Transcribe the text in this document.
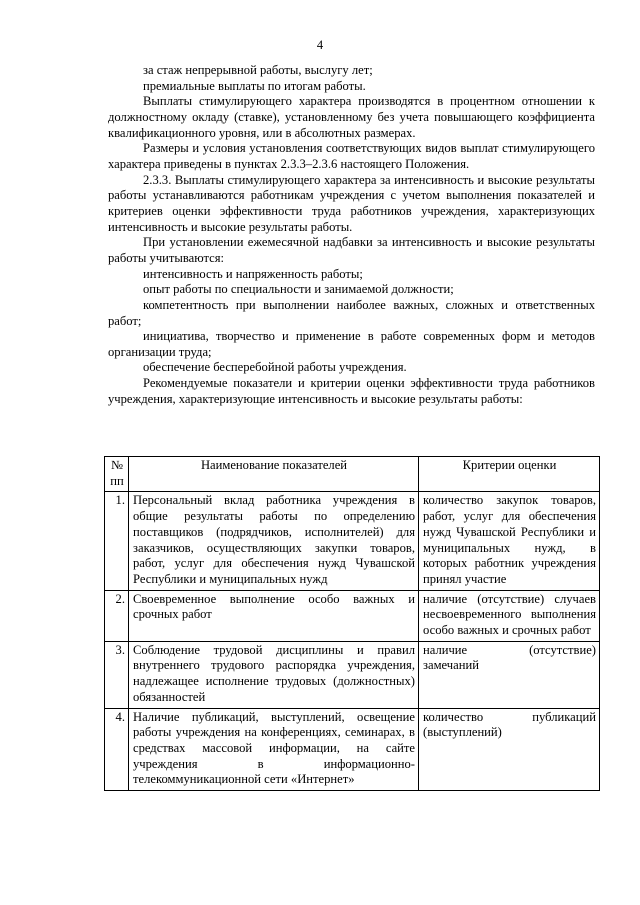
4

за стаж непрерывной работы, выслугу лет;

премиальные выплаты по итогам работы.

Выплаты стимулирующего характера производятся в процентном отношении к должностному окладу (ставке), установленному без учета повышающего коэффициента квалификационного уровня, или в абсолютных размерах.

Размеры и условия установления соответствующих видов выплат стимулирующего характера приведены в пунктах 2.3.3–2.3.6 настоящего Положения.

2.3.3. Выплаты стимулирующего характера за интенсивность и высокие результаты работы устанавливаются работникам учреждения с учетом выполнения показателей и критериев оценки эффективности труда работников учреждения, характеризующих интенсивность и высокие результаты работы.

При установлении ежемесячной надбавки за интенсивность и высокие результаты работы учитываются:

интенсивность и напряженность работы;

опыт работы по специальности и занимаемой должности;

компетентность при выполнении наиболее важных, сложных и ответственных работ;

инициатива, творчество и применение в работе современных форм и методов организации труда;

обеспечение бесперебойной работы учреждения.

Рекомендуемые показатели и критерии оценки эффективности труда работников учреждения, характеризующие интенсивность и высокие результаты работы:

№ пп	Наименование показателей	Критерии оценки
1.	Персональный вклад работника учреждения в общие результаты работы по определению поставщиков (подрядчиков, исполнителей) для заказчиков, осуществляющих закупки товаров, работ, услуг для обеспечения нужд Чувашской Республики и муниципальных нужд	количество закупок товаров, работ, услуг для обеспечения нужд Чувашской Республики и муниципальных нужд, в которых работник учреждения принял участие
2.	Своевременное выполнение особо важных и срочных работ	наличие (отсутствие) случаев несвоевременного выполнения особо важных и срочных работ
3.	Соблюдение трудовой дисциплины и правил внутреннего трудового распорядка учреждения, надлежащее исполнение трудовых (должностных) обязанностей	наличие (отсутствие) замечаний
4.	Наличие публикаций, выступлений, освещение работы учреждения на конференциях, семинарах, в средствах массовой информации, на сайте учреждения в информационно-телекоммуникационной сети «Интернет»	количество публикаций (выступлений)
